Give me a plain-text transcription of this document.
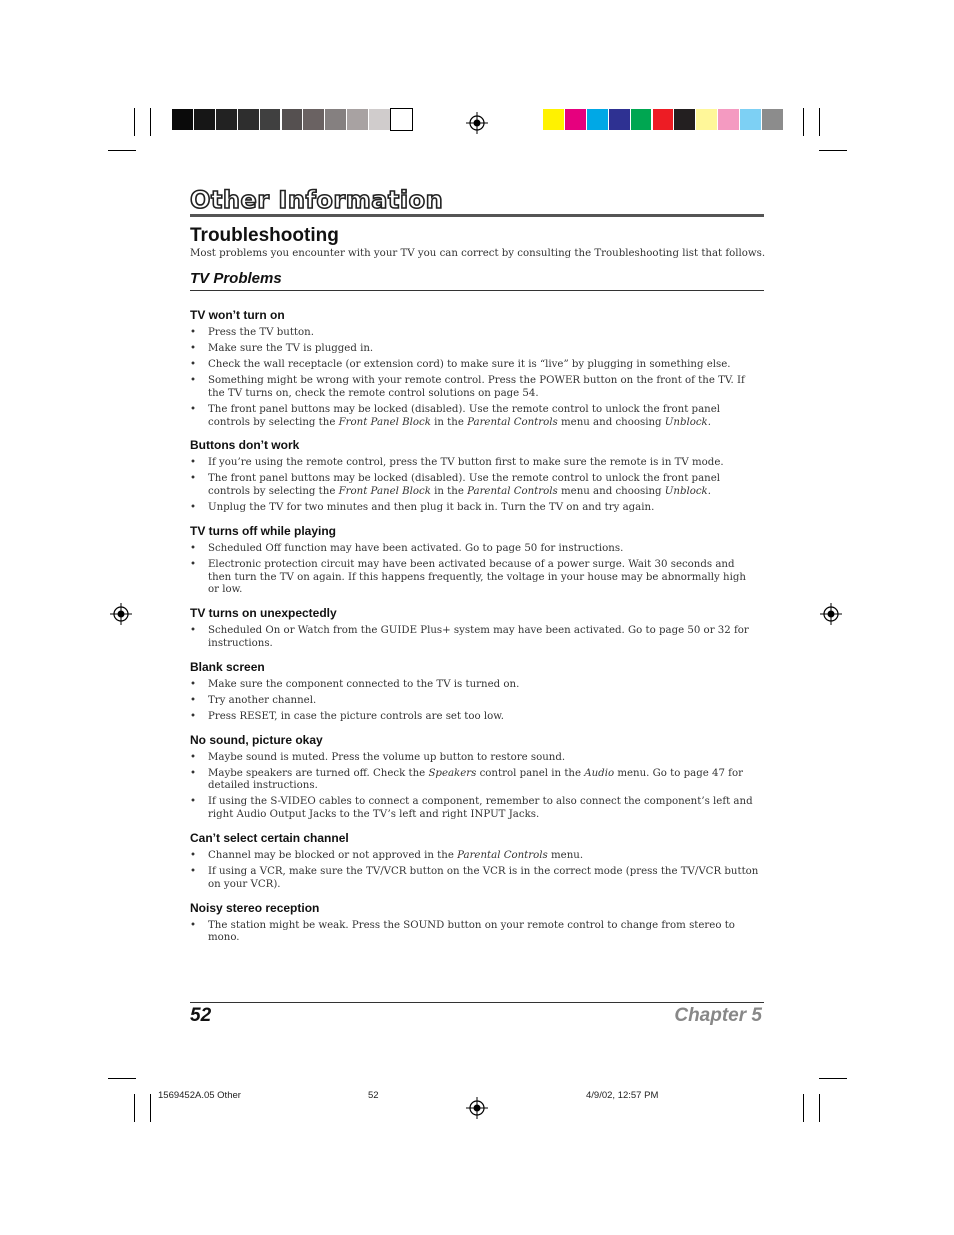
Other Information
Troubleshooting
Most problems you encounter with your TV you can correct by consulting the Troubleshooting list that follows.
TV Problems
TV won’t turn on
• Press the TV button.
• Make sure the TV is plugged in.
• Check the wall receptacle (or extension cord) to make sure it is “live” by plugging in something else.
• Something might be wrong with your remote control. Press the POWER button on the front of the TV. If the TV turns on, check the remote control solutions on page 54.
• The front panel buttons may be locked (disabled). Use the remote control to unlock the front panel controls by selecting the Front Panel Block in the Parental Controls menu and choosing Unblock.
Buttons don’t work
• If you’re using the remote control, press the TV button first to make sure the remote is in TV mode.
• The front panel buttons may be locked (disabled). Use the remote control to unlock the front panel controls by selecting the Front Panel Block in the Parental Controls menu and choosing Unblock.
• Unplug the TV for two minutes and then plug it back in. Turn the TV on and try again.
TV turns off while playing
• Scheduled Off function may have been activated. Go to page 50 for instructions.
• Electronic protection circuit may have been activated because of a power surge. Wait 30 seconds and then turn the TV on again. If this happens frequently, the voltage in your house may be abnormally high or low.
TV turns on unexpectedly
• Scheduled On or Watch from the GUIDE Plus+ system may have been activated. Go to page 50 or 32 for instructions.
Blank screen
• Make sure the component connected to the TV is turned on.
• Try another channel.
• Press RESET, in case the picture controls are set too low.
No sound, picture okay
• Maybe sound is muted. Press the volume up button to restore sound.
• Maybe speakers are turned off. Check the Speakers control panel in the Audio menu. Go to page 47 for detailed instructions.
• If using the S-VIDEO cables to connect a component, remember to also connect the component’s left and right Audio Output Jacks to the TV’s left and right INPUT Jacks.
Can’t select certain channel
• Channel may be blocked or not approved in the Parental Controls menu.
• If using a VCR, make sure the TV/VCR button on the VCR is in the correct mode (press the TV/VCR button on your VCR).
Noisy stereo reception
• The station might be weak. Press the SOUND button on your remote control to change from stereo to mono.
52	Chapter 5
1569452A.05 Other	52	4/9/02, 12:57 PM
